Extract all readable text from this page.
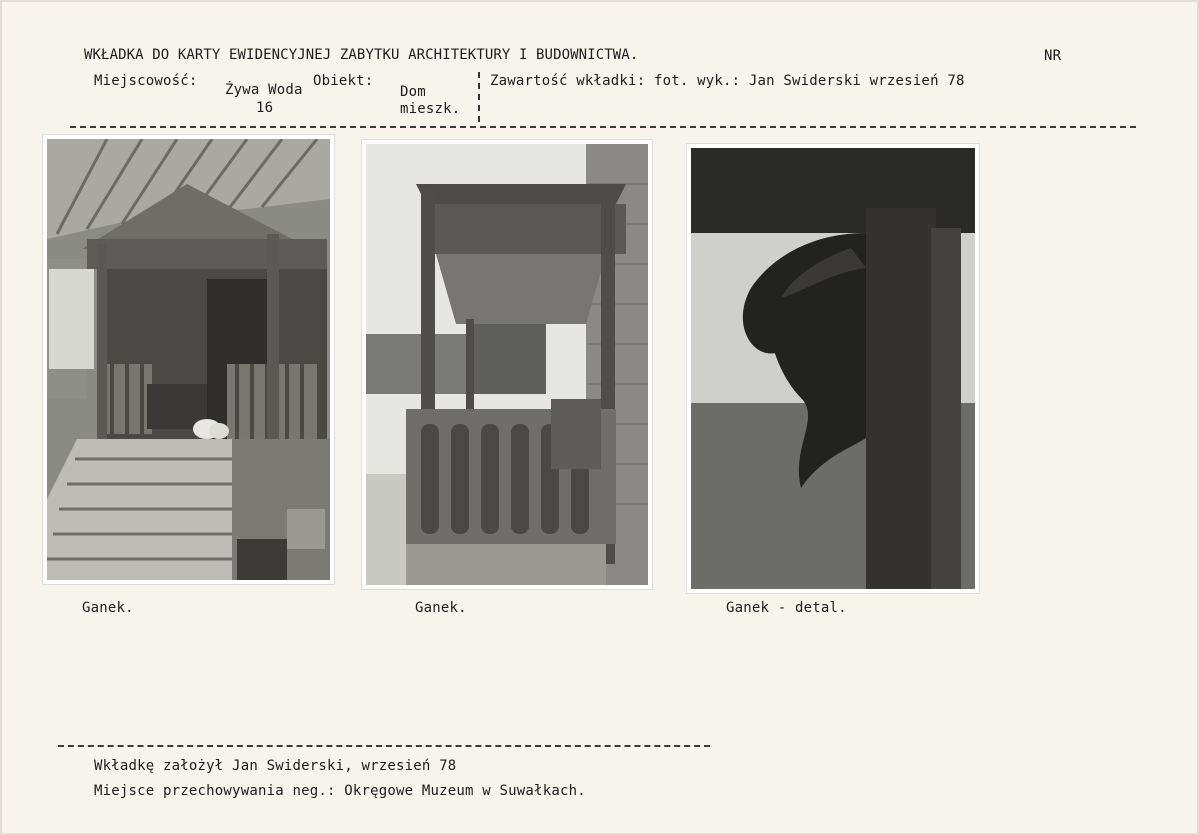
WKŁADKA DO KARTY EWIDENCYJNEJ ZABYTKU ARCHITEKTURY I BUDOWNICTWA.	NR
Miejscowość:
Żywa Woda
16
Obiekt:
Dom
mieszk.
Zawartość wkładki: fot. wyk.: Jan Swiderski wrzesień 78
Ganek.	Ganek.	Ganek - detal.
Wkładkę założył Jan Swiderski, wrzesień 78
Miejsce przechowywania neg.: Okręgowe Muzeum w Suwałkach.
